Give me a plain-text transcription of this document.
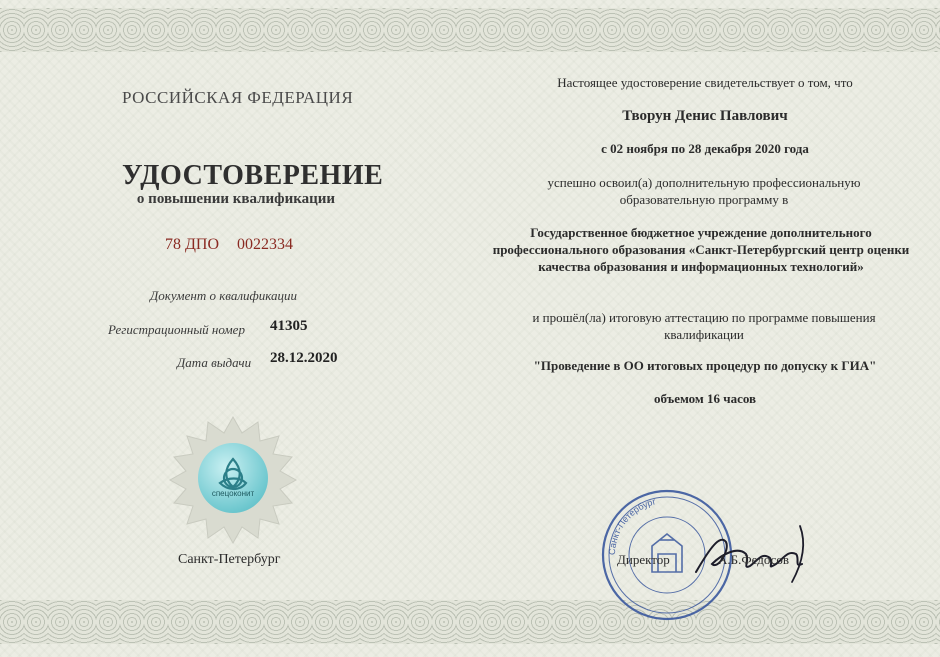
РОССИЙСКАЯ ФЕДЕРАЦИЯ
УДОСТОВЕРЕНИЕ
о повышении квалификации
78 ДПО 0022334
Документ о квалификации
Регистрационный номер 41305
Дата выдачи 28.12.2020
спецоконит
Санкт-Петербург
Настоящее удостоверение свидетельствует о том, что
Творун Денис Павлович
с 02 ноября по 28 декабря 2020 года
успешно освоил(а) дополнительную профессиональную образовательную программу в
Государственное бюджетное учреждение дополнительного профессионального образования «Санкт-Петербургский центр оценки качества образования и информационных технологий»
и прошёл(ла) итоговую аттестацию по программе повышения квалификации
"Проведение в ОО итоговых процедур по допуску к ГИА"
объемом 16 часов
Санкт-Петербург
Директор	А.Б.Федосов
